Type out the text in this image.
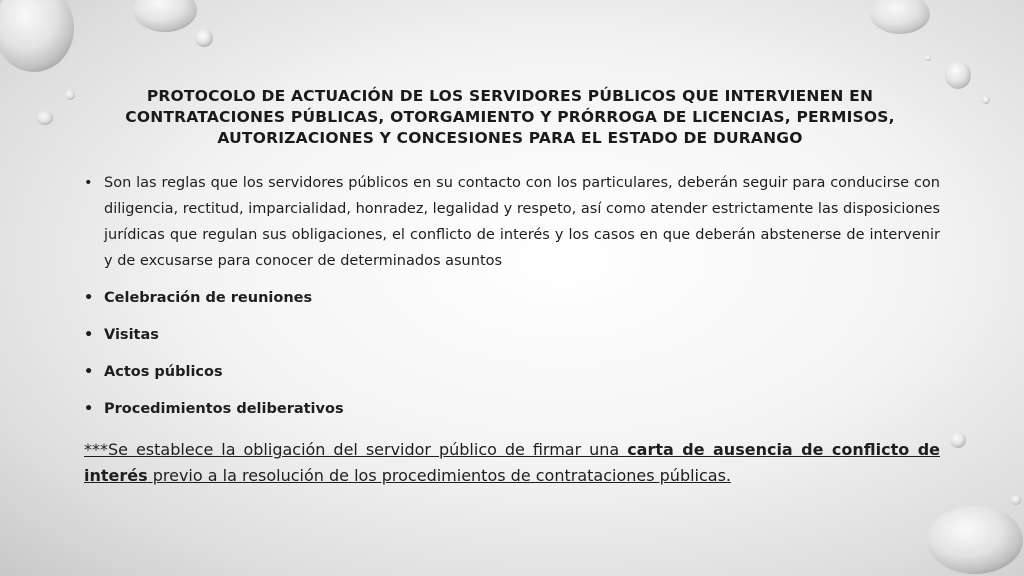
PROTOCOLO DE ACTUACIÓN DE LOS SERVIDORES PÚBLICOS QUE INTERVIENEN EN
CONTRATACIONES PÚBLICAS, OTORGAMIENTO Y PRÓRROGA DE LICENCIAS, PERMISOS,
AUTORIZACIONES Y CONCESIONES PARA EL ESTADO DE DURANGO
• Son las reglas que los servidores públicos en su contacto con los particulares, deberán seguir para conducirse con diligencia, rectitud, imparcialidad, honradez, legalidad y respeto, así como atender estrictamente las disposiciones jurídicas que regulan sus obligaciones, el conflicto de interés y los casos en que deberán abstenerse de intervenir y de excusarse para conocer de determinados asuntos
• Celebración de reuniones
• Visitas
• Actos públicos
• Procedimientos deliberativos
***Se establece la obligación del servidor público de firmar una carta de ausencia de conflicto de interés previo a la resolución de los procedimientos de contrataciones públicas.
